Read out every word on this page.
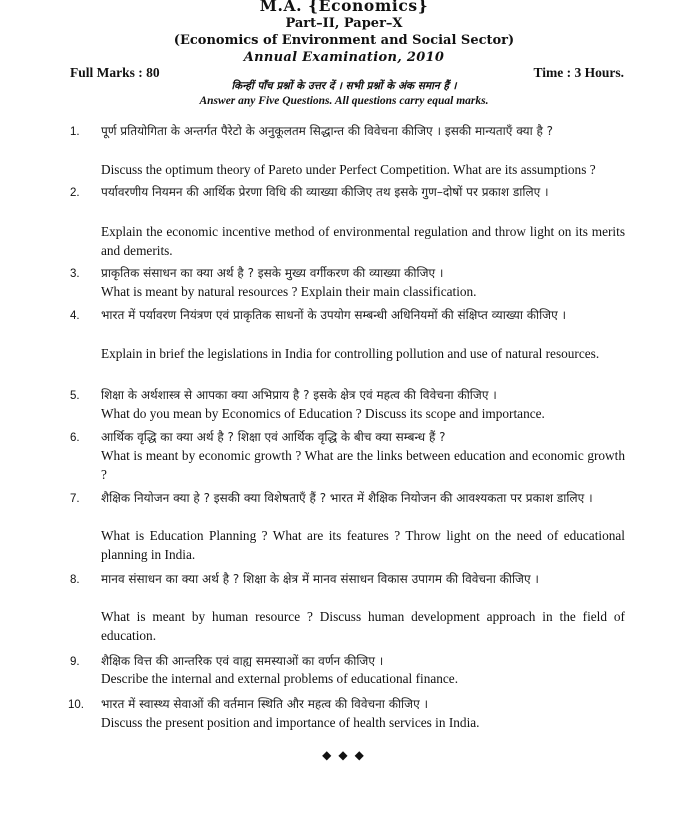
M.A. {Economics}
Part–II, Paper–X
(Economics of Environment and Social Sector)
Annual Examination, 2010
Full Marks : 80	Time : 3 Hours.
किन्हीं पाँच प्रश्नों के उत्तर दें । सभी प्रश्नों के अंक समान हैं ।
Answer any Five Questions. All questions carry equal marks.
1. पूर्ण प्रतियोगिता के अन्तर्गत पैरेटो के अनुकूलतम सिद्धान्त की विवेचना कीजिए । इसकी मान्यताएँ क्या है ?
Discuss the optimum theory of Pareto under Perfect Competition. What are its assumptions ?
2. पर्यावरणीय नियमन की आर्थिक प्रेरणा विधि की व्याख्या कीजिए तथ इसके गुण–दोषों पर प्रकाश डालिए ।
Explain the economic incentive method of environmental regulation and throw light on its merits and demerits.
3. प्राकृतिक संसाधन का क्या अर्थ है ? इसके मुख्य वर्गीकरण की व्याख्या कीजिए ।
What is meant by natural resources ? Explain their main classification.
4. भारत में पर्यावरण नियंत्रण एवं प्राकृतिक साधनों के उपयोग सम्बन्धी अधिनियमों की संक्षिप्त व्याख्या कीजिए ।
Explain in brief the legislations in India for controlling pollution and use of natural resources.
5. शिक्षा के अर्थशास्त्र से आपका क्या अभिप्राय है ? इसके क्षेत्र एवं महत्व की विवेचना कीजिए ।
What do you mean by Economics of Education ? Discuss its scope and importance.
6. आर्थिक वृद्धि का क्या अर्थ है ? शिक्षा एवं आर्थिक वृद्धि के बीच क्या सम्बन्ध हैं ?
What is meant by economic growth ? What are the links between education and economic growth ?
7. शैक्षिक नियोजन क्या हे ? इसकी क्या विशेषताएँ हैं ? भारत में शैक्षिक नियोजन की आवश्यकता पर प्रकाश डालिए ।
What is Education Planning ? What are its features ? Throw light on the need of educational planning in India.
8. मानव संसाधन का क्या अर्थ है ? शिक्षा के क्षेत्र में मानव संसाधन विकास उपागम की विवेचना कीजिए ।
What is meant by human resource ? Discuss human development approach in the field of education.
9. शैक्षिक वित्त की आन्तरिक एवं वाह्य समस्याओं का वर्णन कीजिए ।
Describe the internal and external problems of educational finance.
10. भारत में स्वास्थ्य सेवाओं की वर्तमान स्थिति और महत्व की विवेचना कीजिए ।
Discuss the present position and importance of health services in India.
◆ ◆ ◆
